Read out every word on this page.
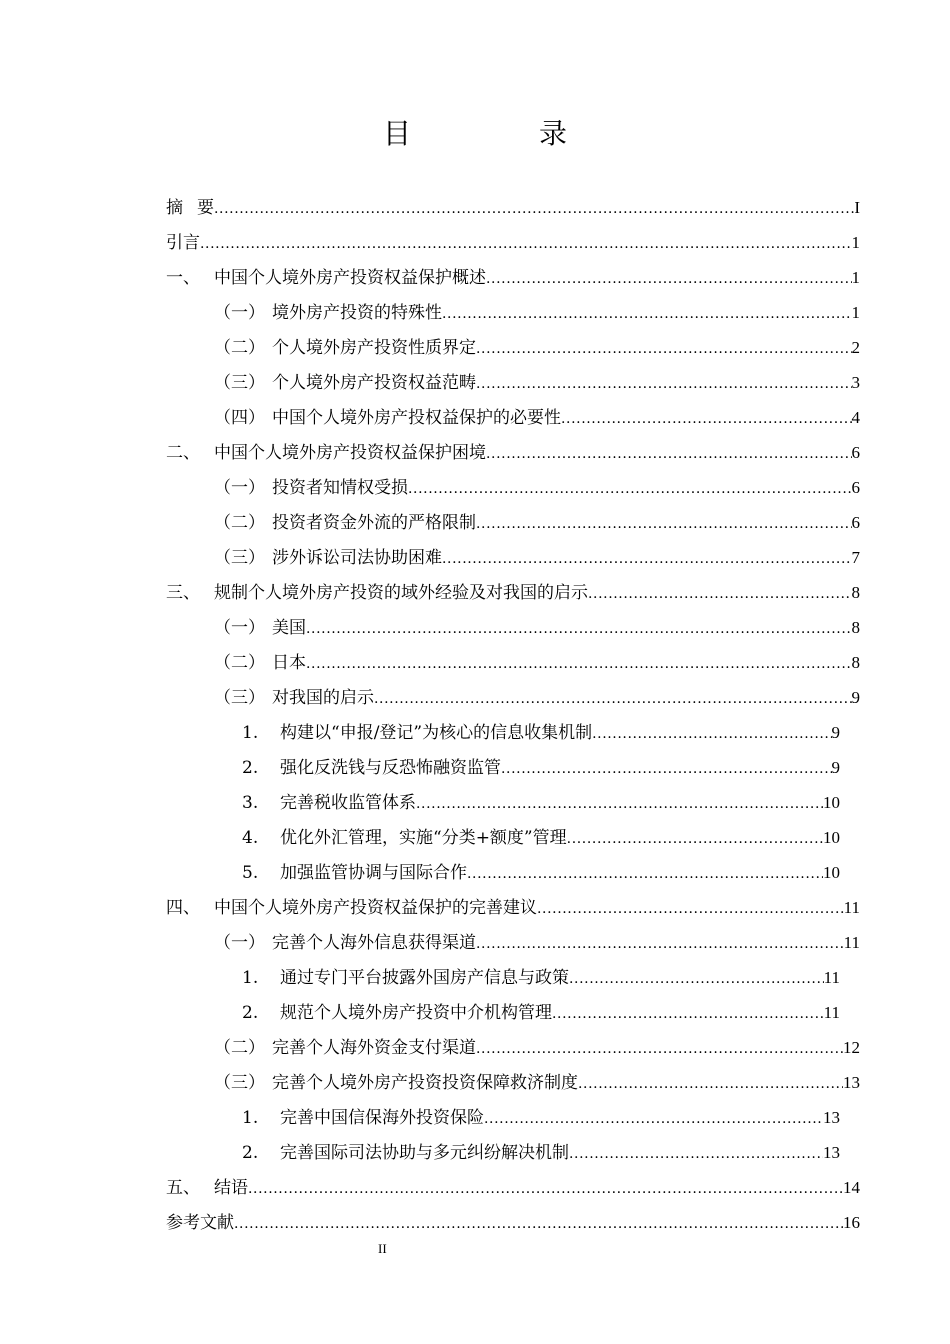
目　录
摘要 .....	I
引言 .....	1
一、 中国个人境外房产投资权益保护概述 .....	1
（一） 境外房产投资的特殊性 .....	1
（二） 个人境外房产投资性质界定 .....	2
（三） 个人境外房产投资权益范畴 .....	3
（四） 中国个人境外房产投权益保护的必要性 .....	4
二、 中国个人境外房产投资权益保护困境 .....	6
（一） 投资者知情权受损 .....	6
（二） 投资者资金外流的严格限制 .....	6
（三） 涉外诉讼司法协助困难 .....	7
三、 规制个人境外房产投资的域外经验及对我国的启示 .....	8
（一） 美国 .....	8
（二） 日本 .....	8
（三） 对我国的启示 .....	9
1.	构建以“申报/登记”为核心的信息收集机制 .....	9
2.	强化反洗钱与反恐怖融资监管 .....	9
3.	完善税收监管体系 .....	10
4.	优化外汇管理，实施“分类+额度”管理 .....	10
5.	加强监管协调与国际合作 .....	10
四、 中国个人境外房产投资权益保护的完善建议 .....	11
（一） 完善个人海外信息获得渠道 .....	11
1.	通过专门平台披露外国房产信息与政策 .....	11
2.	规范个人境外房产投资中介机构管理 .....	11
（二） 完善个人海外资金支付渠道 .....	12
（三） 完善个人境外房产投资投资保障救济制度 .....	13
1.	完善中国信保海外投资保险 .....	13
2.	完善国际司法协助与多元纠纷解决机制 .....	13
五、 结语 .....	14
参考文献 .....	16
II
